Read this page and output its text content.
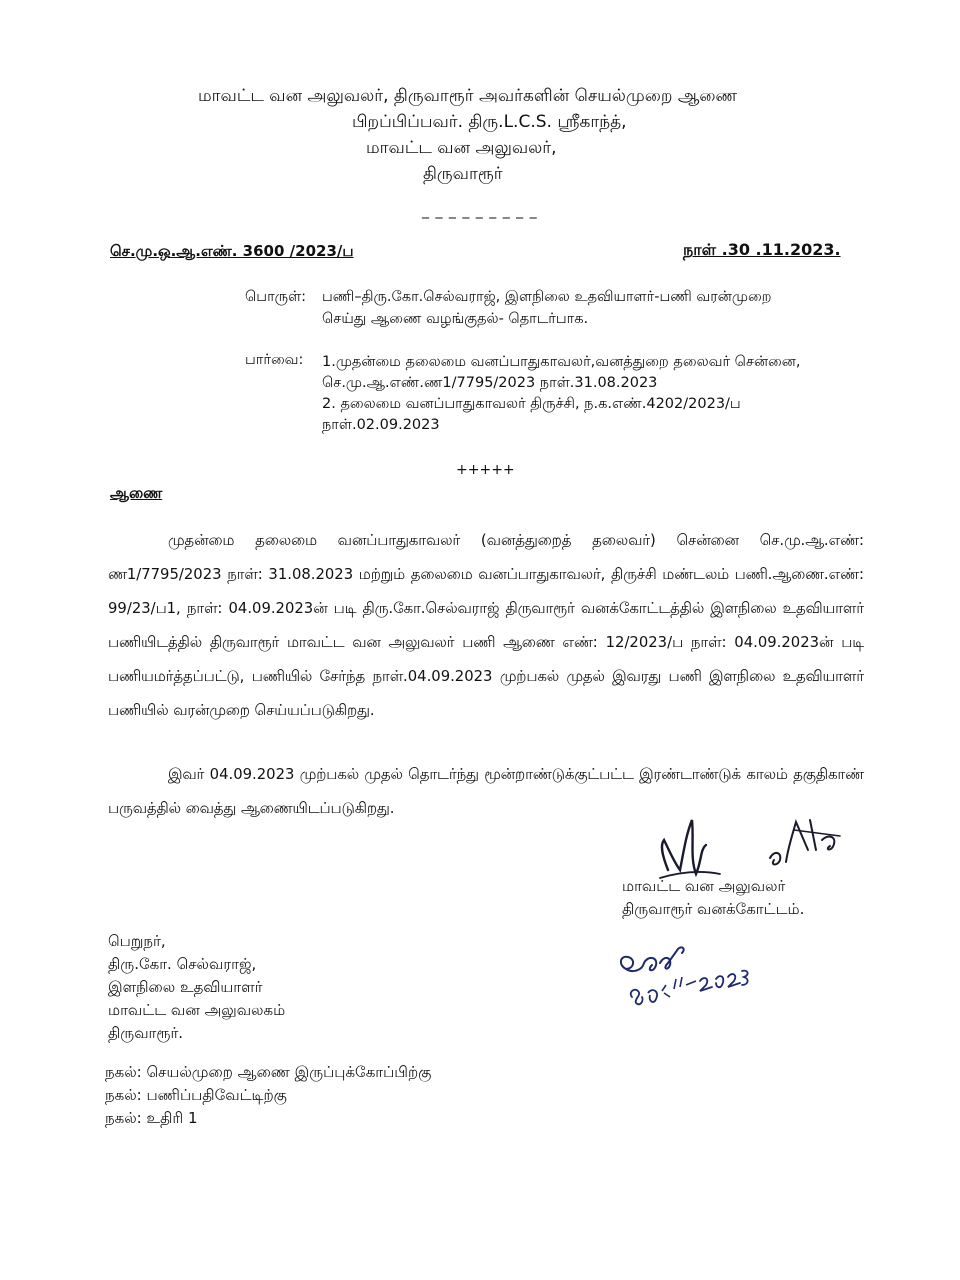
மாவட்ட வன அலுவலர், திருவாரூர் அவர்களின் செயல்முறை ஆணை
பிறப்பிப்பவர். திரு.L.C.S. ஸ்ரீகாந்த்,
மாவட்ட வன அலுவலர்,
திருவாரூர்
_ _ _ _ _ _ _ _ _
செ.மு.ஒ.ஆ.எண். 3600 /2023/ப	நாள் .30 .11.2023.
பொருள்: பணி–திரு.கோ.செல்வராஜ், இளநிலை உதவியாளர்-பணி வரன்முறை
செய்து ஆணை வழங்குதல்- தொடர்பாக.
பார்வை: 1.முதன்மை தலைமை வனப்பாதுகாவலர்,வனத்துறை தலைவர் சென்னை,
செ.மு.ஆ.எண்.ண1/7795/2023 நாள்.31.08.2023
2. தலைமை வனப்பாதுகாவலர் திருச்சி, ந.க.எண்.4202/2023/ப
நாள்.02.09.2023
+++++
ஆணை
முதன்மை தலைமை வனப்பாதுகாவலர் (வனத்துறைத் தலைவர்) சென்னை செ.மு.ஆ.எண்: ண1/7795/2023 நாள்: 31.08.2023 மற்றும் தலைமை வனப்பாதுகாவலர், திருச்சி மண்டலம் பணி.ஆணை.எண்: 99/23/ப1, நாள்: 04.09.2023ன் படி திரு.கோ.செல்வராஜ் திருவாரூர் வனக்கோட்டத்தில் இளநிலை உதவியாளர் பணியிடத்தில் திருவாரூர் மாவட்ட வன அலுவலர் பணி ஆணை எண்: 12/2023/ப நாள்: 04.09.2023ன் படி பணியமர்த்தப்பட்டு, பணியில் சேர்ந்த நாள்.04.09.2023 முற்பகல் முதல் இவரது பணி இளநிலை உதவியாளர் பணியில் வரன்முறை செய்யப்படுகிறது.
இவர் 04.09.2023 முற்பகல் முதல் தொடர்ந்து மூன்றாண்டுக்குட்பட்ட இரண்டாண்டுக் காலம் தகுதிகாண் பருவத்தில் வைத்து ஆணையிடப்படுகிறது.
மாவட்ட வன அலுவலர்
திருவாரூர் வனக்கோட்டம்.
பெறுநர்,
திரு.கோ. செல்வராஜ்,
இளநிலை உதவியாளர்
மாவட்ட வன அலுவலகம்
திருவாரூர்.
நகல்: செயல்முறை ஆணை இருப்புக்கோப்பிற்கு
நகல்: பணிப்பதிவேட்டிற்கு
நகல்: உதிரி 1
